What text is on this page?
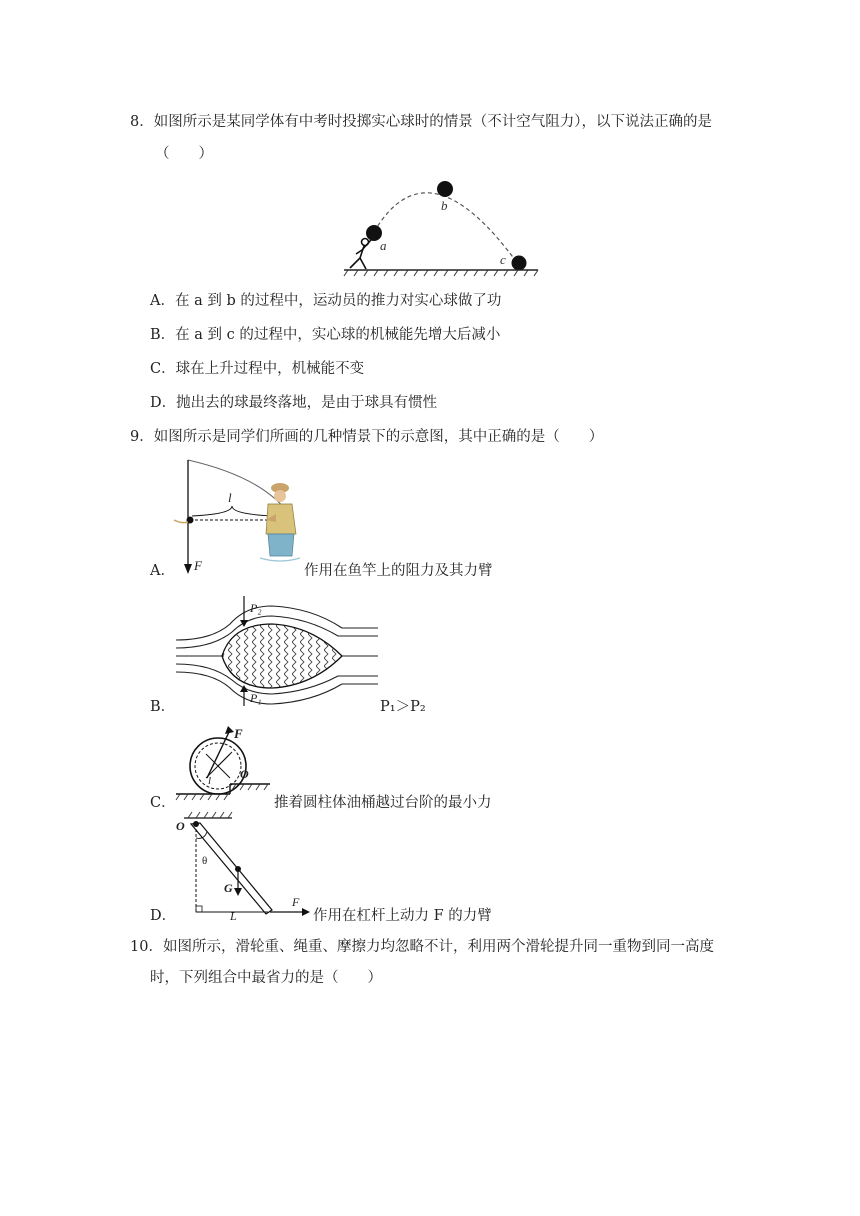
8．如图所示是某同学体有中考时投掷实心球时的情景（不计空气阻力），以下说法正确的是
（　　）
a
b
c
A．在 a 到 b 的过程中，运动员的推力对实心球做了功
B．在 a 到 c 的过程中，实心球的机械能先增大后减小
C．球在上升过程中，机械能不变
D．抛出去的球最终落地，是由于球具有惯性
9．如图所示是同学们所画的几种情景下的示意图，其中正确的是（　　）
l
F
A．	作用在鱼竿上的阻力及其力臂
P₂
P₁
B．	P₁＞P₂
F
O
l
C．	推着圆柱体油桶越过台阶的最小力
O
θ
G
L
F
D．	作用在杠杆上动力 F 的力臂
10．如图所示，滑轮重、绳重、摩擦力均忽略不计，利用两个滑轮提升同一重物到同一高度
时，下列组合中最省力的是（　　）
